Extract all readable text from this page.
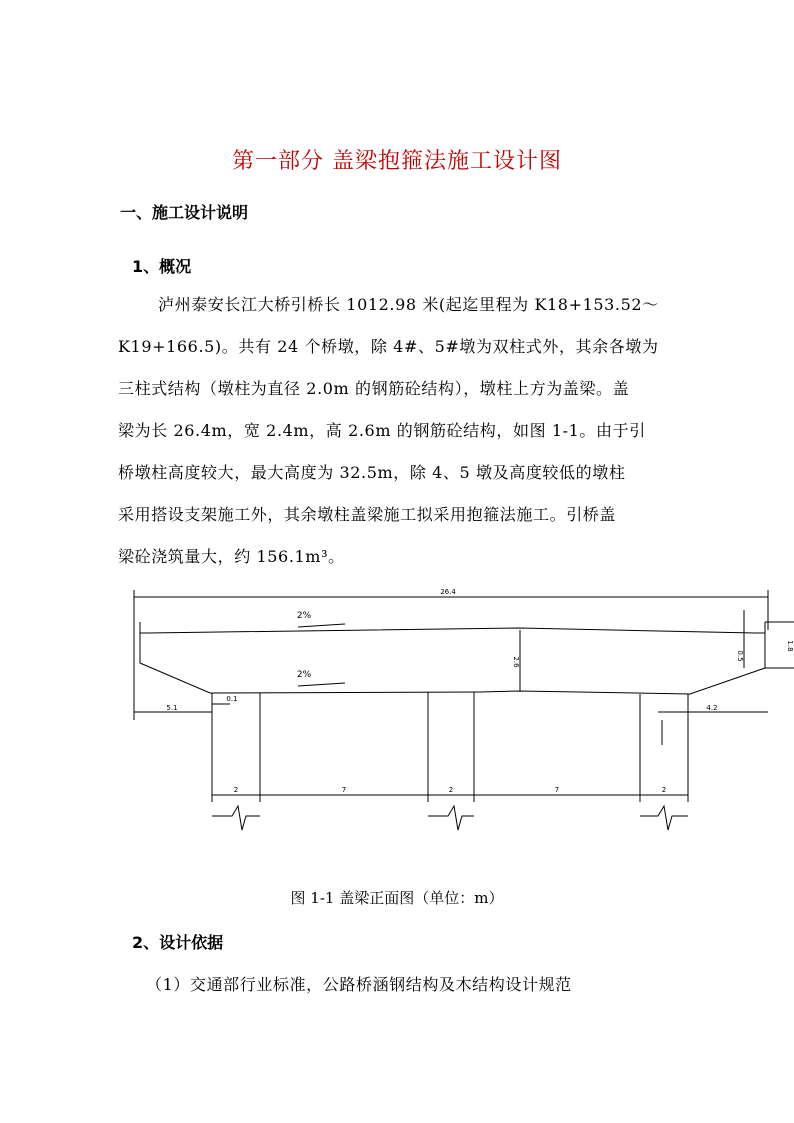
第一部分 盖梁抱箍法施工设计图
一、施工设计说明
1、概况
泸州泰安长江大桥引桥长 1012.98 米(起迄里程为 K18+153.52～
K19+166.5)。共有 24 个桥墩，除 4#、5#墩为双柱式外，其余各墩为
三柱式结构（墩柱为直径 2.0m 的钢筋砼结构），墩柱上方为盖梁。盖
梁为长 26.4m，宽 2.4m，高 2.6m 的钢筋砼结构，如图 1-1。由于引
桥墩柱高度较大，最大高度为 32.5m，除 4、5 墩及高度较低的墩柱
采用搭设支架施工外，其余墩柱盖梁施工拟采用抱箍法施工。引桥盖
梁砼浇筑量大，约 156.1m³。
26.4
2%
2%
2.6
0.5
1.8
5.1
0.1
4.2
2	2	2
7	7
图 1-1 盖梁正面图（单位：m）
2、设计依据
（1）交通部行业标准，公路桥涵钢结构及木结构设计规范
